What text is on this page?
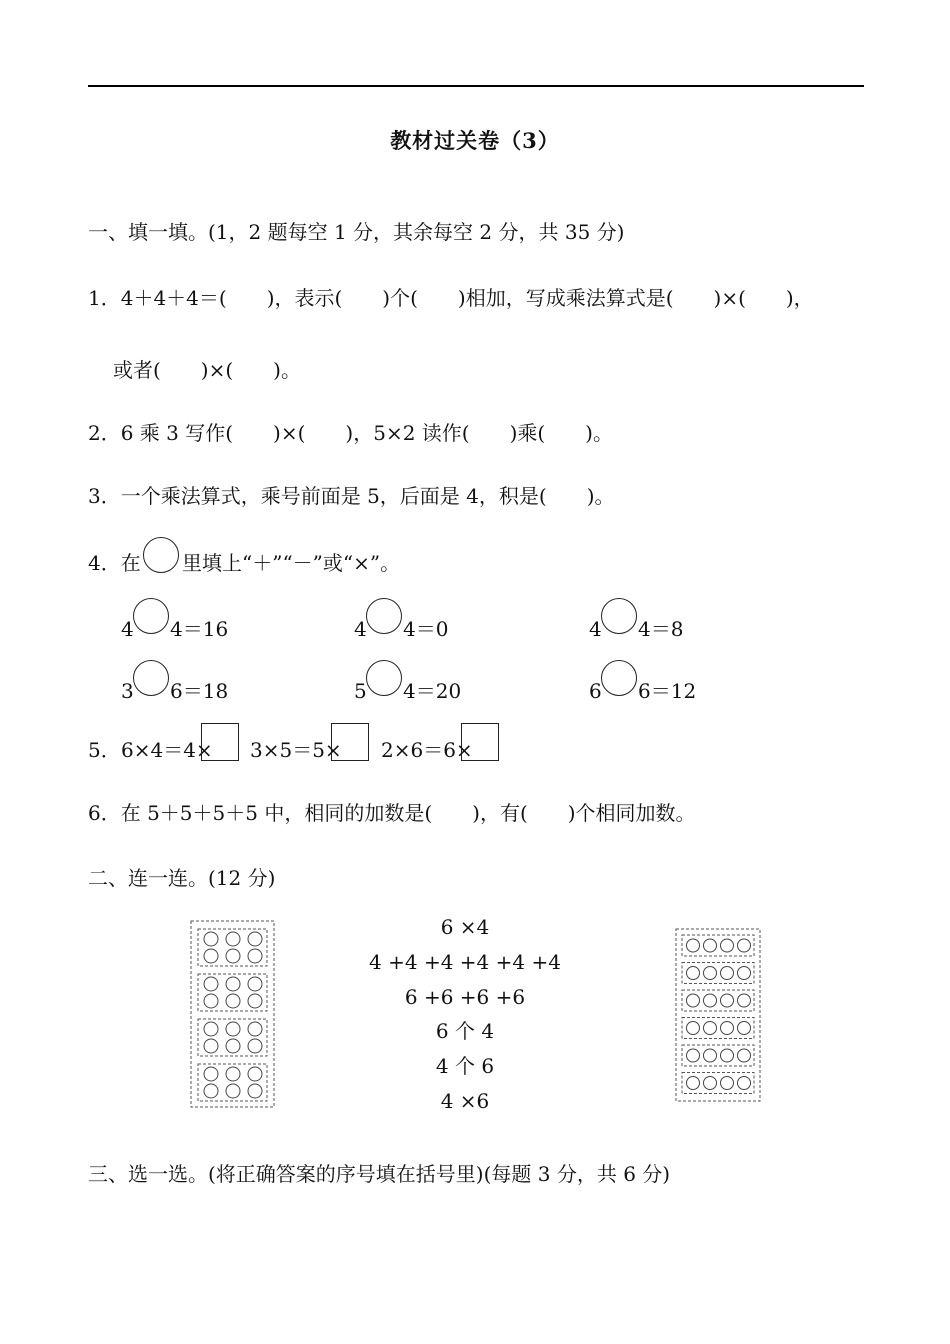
教材过关卷（3）
一、填一填。(1，2 题每空 1 分，其余每空 2 分，共 35 分)
1．4＋4＋4＝(　　)，表示(　　)个(　　)相加，写成乘法算式是(　　)×(　　)，
或者(　　)×(　　)。
2．6 乘 3 写作(　　)×(　　)，5×2 读作(　　)乘(　　)。
3．一个乘法算式，乘号前面是 5，后面是 4，积是(　　)。
4．在 里填上“＋”“－”或“×”。
4 4＝16	4 4＝0	4 4＝8
3 6＝18	5 4＝20	6 6＝12
5． 6×4＝4× 3×5＝5× 2×6＝6×
6．在 5＋5＋5＋5 中，相同的加数是(　　)，有(　　)个相同加数。
二、连一连。(12 分)
6 ×4
4 +4 +4 +4 +4 +4
6 +6 +6 +6
6 个 4
4 个 6
4 ×6
三、选一选。(将正确答案的序号填在括号里)(每题 3 分，共 6 分)
